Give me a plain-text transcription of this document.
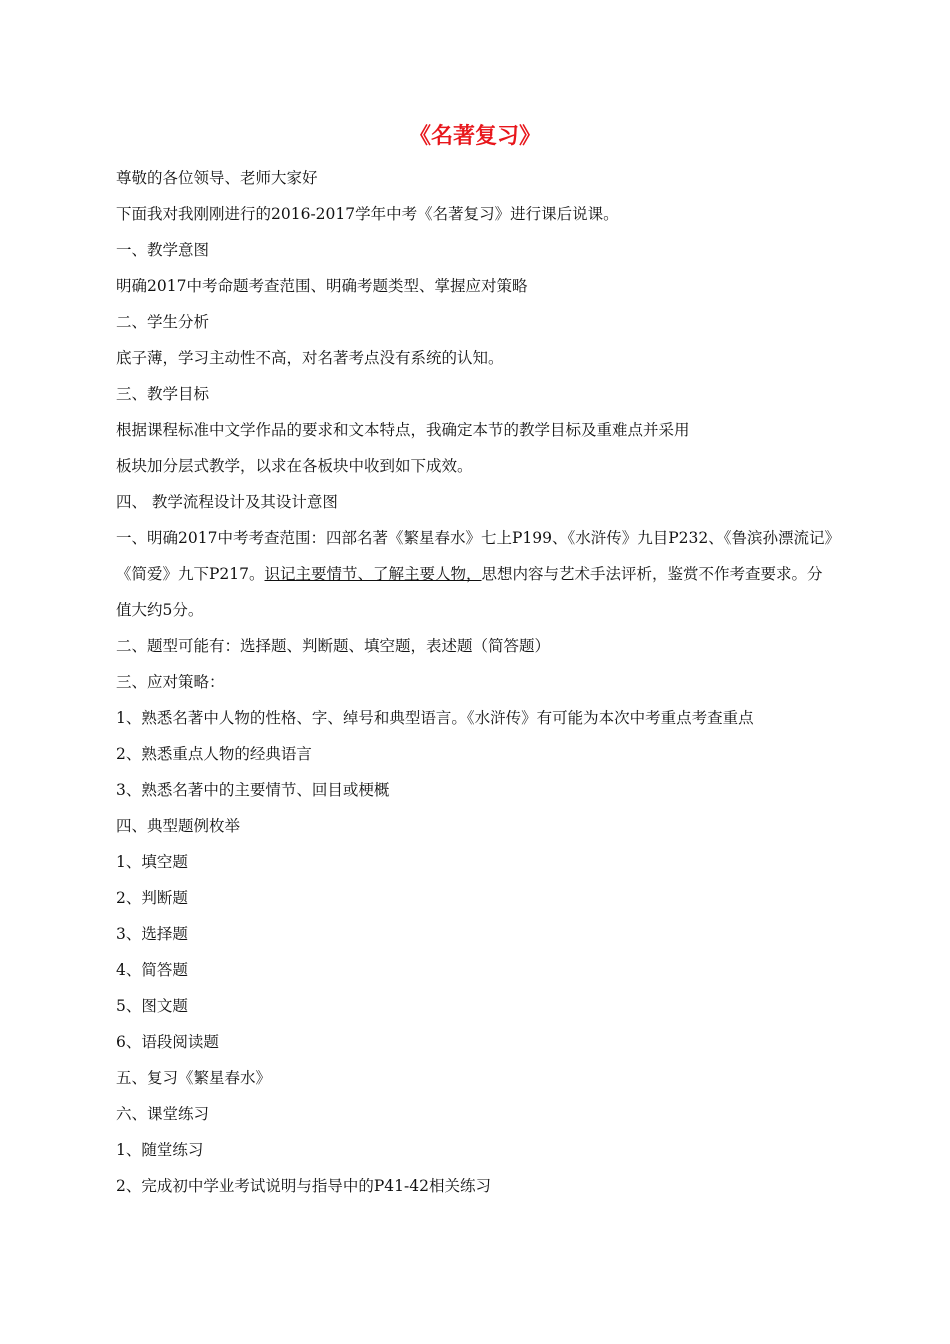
《名著复习》

尊敬的各位领导、老师大家好

下面我对我刚刚进行的2016-2017学年中考《名著复习》进行课后说课。

一、教学意图

明确2017中考命题考查范围、明确考题类型、掌握应对策略

二、学生分析

底子薄，学习主动性不高，对名著考点没有系统的认知。

三、教学目标

根据课程标准中文学作品的要求和文本特点，我确定本节的教学目标及重难点并采用

板块加分层式教学，以求在各板块中收到如下成效。

四、 教学流程设计及其设计意图

一、明确2017中考考查范围：四部名著《繁星春水》七上P199、《水浒传》九目P232、《鲁滨孙漂流记》

《简爱》九下P217。识记主要情节、了解主要人物，思想内容与艺术手法评析，鉴赏不作考查要求。分

值大约5分。

二、题型可能有：选择题、判断题、填空题，表述题（简答题）

三、应对策略：

1、熟悉名著中人物的性格、字、绰号和典型语言。《水浒传》有可能为本次中考重点考查重点

2、熟悉重点人物的经典语言

3、熟悉名著中的主要情节、回目或梗概

四、典型题例枚举

1、填空题

2、判断题

3、选择题

4、简答题

5、图文题

6、语段阅读题

五、复习《繁星春水》

六、课堂练习

1、随堂练习

2、完成初中学业考试说明与指导中的P41-42相关练习
